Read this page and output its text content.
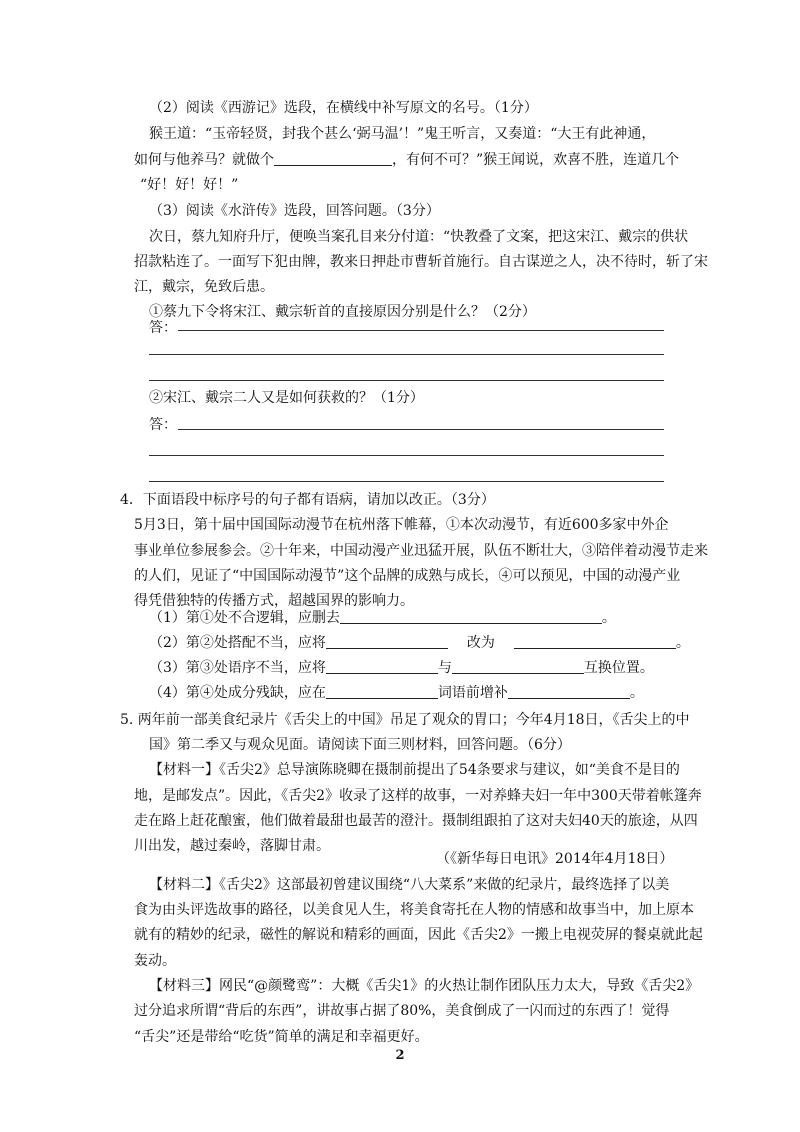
（2）阅读《西游记》选段，在横线中补写原文的名号。（1分）
猴王道：“玉帝轻贤，封我个甚么‘弼马温’！”鬼王听言，又奏道：“大王有此神通，
如何与他养马？就做个	，有何不可？”猴王闻说，欢喜不胜，连道几个
“好！好！好！”
（3）阅读《水浒传》选段，回答问题。（3分）
次日，蔡九知府升厅，便唤当案孔目来分付道：“快教叠了文案，把这宋江、戴宗的供状
招款粘连了。一面写下犯由牌，教来日押赴市曹斩首施行。自古谋逆之人，决不待时，斩了宋
江，戴宗，免致后患。
①蔡九下令将宋江、戴宗斩首的直接原因分别是什么？（2分）
答：
②宋江、戴宗二人又是如何获救的？（1分）
答：
4．下面语段中标序号的句子都有语病，请加以改正。（3分）
5月3日，第十届中国国际动漫节在杭州落下帷幕，①本次动漫节，有近600多家中外企
事业单位参展参会。②十年来，中国动漫产业迅猛开展，队伍不断壮大，③陪伴着动漫节走来
的人们，见证了“中国国际动漫节”这个品牌的成熟与成长，④可以预见，中国的动漫产业
得凭借独特的传播方式，超越国界的影响力。
（1）第①处不合逻辑，应删去	。
（2）第②处搭配不当，应将	改为	。
（3）第③处语序不当，应将	与	互换位置。
（4）第④处成分残缺，应在	词语前增补	。
5. 两年前一部美食纪录片《舌尖上的中国》吊足了观众的胃口；今年4月18日，《舌尖上的中
国》第二季又与观众见面。请阅读下面三则材料，回答问题。（6分）
【材料一】《舌尖2》总导演陈晓卿在摄制前提出了54条要求与建议，如“美食不是目的
地，是邮发点”。因此，《舌尖2》收录了这样的故事，一对养蜂夫妇一年中300天带着帐篷奔
走在路上赶花酿蜜，他们做着最甜也最苦的澄汁。摄制组跟拍了这对夫妇40天的旅途，从四
川出发，越过秦岭，落脚甘肃。
（《新华每日电讯》2014年4月18日）
【材料二】《舌尖2》这部最初曾建议围绕“八大菜系”来做的纪录片，最终选择了以美
食为由头评选故事的路径，以美食见人生，将美食寄托在人物的情感和故事当中，加上原本
就有的精妙的纪录，磁性的解说和精彩的画面，因此《舌尖2》一搬上电视荧屏的餐桌就此起
轰动。
【材料三】网民“@颜鹭鸾”：大概《舌尖1》的火热让制作团队压力太大，导致《舌尖2》
过分追求所谓“背后的东西”，讲故事占据了80%，美食倒成了一闪而过的东西了！觉得
“舌尖”还是带给“吃货”简单的满足和幸福更好。
2
